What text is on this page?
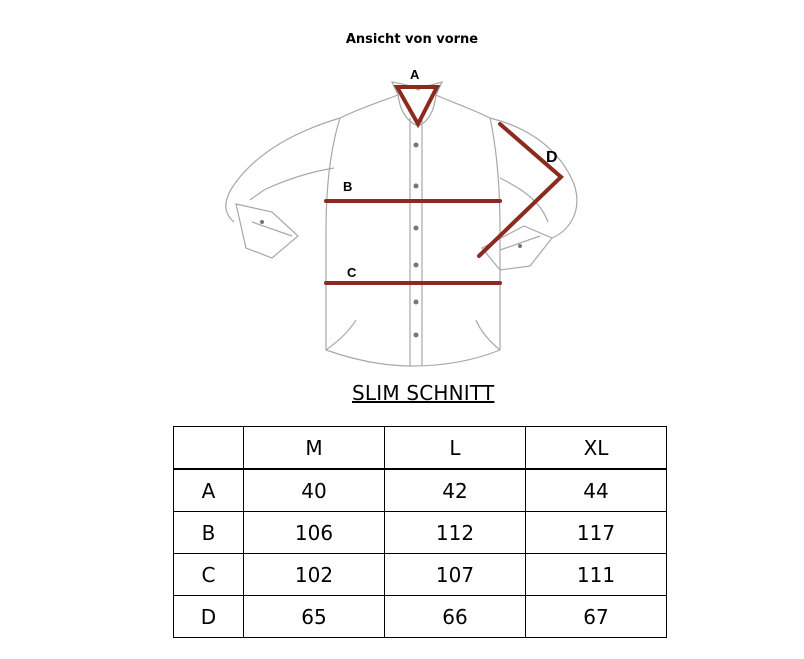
Ansicht von vorne
A
B
C
D
SLIM SCHNITT
	M	L	XL
A	40	42	44
B	106	112	117
C	102	107	111
D	65	66	67
